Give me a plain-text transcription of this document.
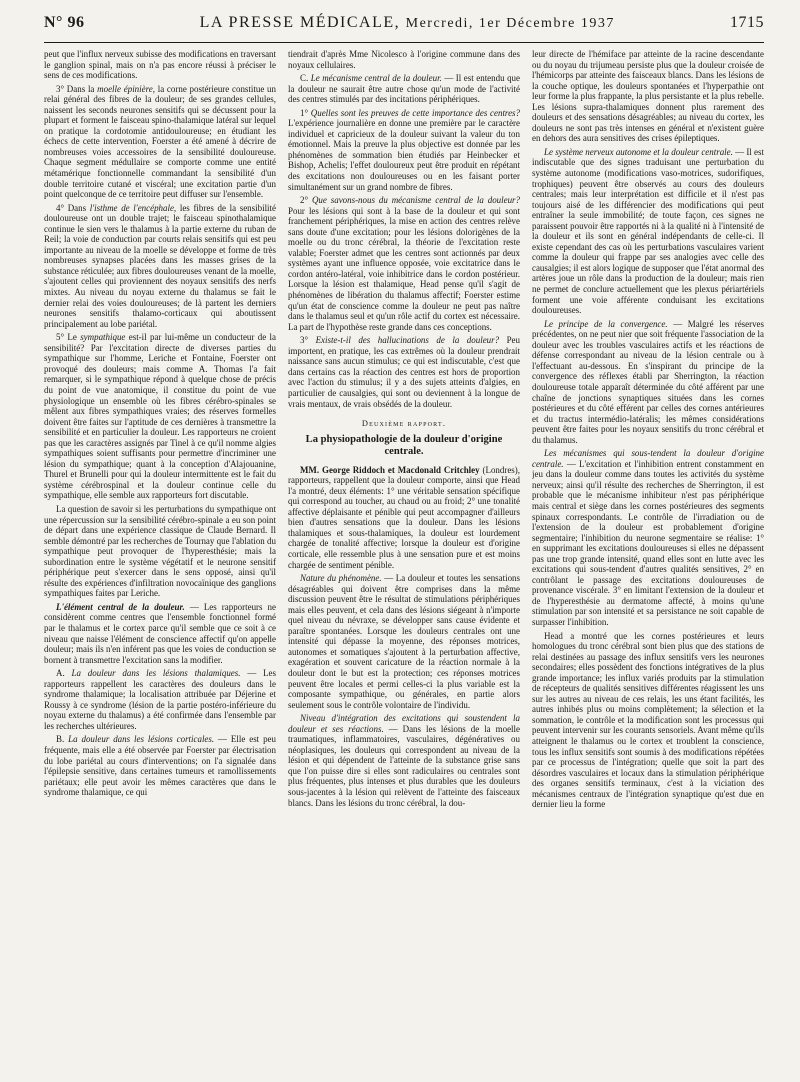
N° 96	LA PRESSE MÉDICALE, Mercredi, 1er Décembre 1937	1715

peut que l'influx nerveux subisse des modifications en traversant le ganglion spinal, mais on n'a pas encore réussi à préciser le sens de ces modifications.

3° Dans la moelle épinière, la corne postérieure constitue un relai général des fibres de la douleur; de ses grandes cellules, naissent les seconds neurones sensitifs qui se décussent pour la plupart et forment le faisceau spino-thalamique latéral sur lequel on pratique la cordotomie antidouloureuse; en étudiant les échecs de cette intervention, Foerster a été amené à décrire de nombreuses voies accessoires de la sensibilité douloureuse. Chaque segment médullaire se comporte comme une entité métamérique fonctionnelle commandant la sensibilité d'un double territoire cutané et viscéral; une excitation partie d'un point quelconque de ce territoire peut diffuser sur l'ensemble.

4° Dans l'isthme de l'encéphale, les fibres de la sensibilité douloureuse ont un double trajet; le faisceau spinothalamique continue le sien vers le thalamus à la partie externe du ruban de Reil; la voie de conduction par courts relais sensitifs qui est peu importante au niveau de la moelle se développe et forme de très nombreuses synapses placées dans les masses grises de la substance réticulée; aux fibres douloureuses venant de la moelle, s'ajoutent celles qui proviennent des noyaux sensitifs des nerfs mixtes. Au niveau du noyau externe du thalamus se fait le dernier relai des voies douloureuses; de là partent les derniers neurones sensitifs thalamo-corticaux qui aboutissent principalement au lobe pariétal.

5° Le sympathique est-il par lui-même un conducteur de la sensibilité? Par l'excitation directe de diverses parties du sympathique sur l'homme, Leriche et Fontaine, Foerster ont provoqué des douleurs; mais comme A. Thomas l'a fait remarquer, si le sympathique répond à quelque chose de précis du point de vue anatomique, il constitue du point de vue physiologique un ensemble où les fibres cérébro-spinales se mêlent aux fibres sympathiques vraies; des réserves formelles doivent être faites sur l'aptitude de ces dernières à transmettre la sensibilité et en particulier la douleur. Les rapporteurs ne croient pas que les caractères assignés par Tinel à ce qu'il nomme algies sympathiques soient suffisants pour permettre d'incriminer une lésion du sympathique; quant à la conception d'Alajouanine, Thurel et Brunelli pour qui la douleur intermittente est le fait du système cérébrospinal et la douleur continue celle du sympathique, elle semble aux rapporteurs fort discutable.

La question de savoir si les perturbations du sympathique ont une répercussion sur la sensibilité cérébro-spinale a eu son point de départ dans une expérience classique de Claude Bernard. Il semble démontré par les recherches de Tournay que l'ablation du sympathique peut provoquer de l'hyperesthésie; mais la subordination entre le système végétatif et le neurone sensitif périphérique peut s'exercer dans le sens opposé, ainsi qu'il résulte des expériences d'infiltration novocaïnique des ganglions sympathiques faites par Leriche.

L'élément central de la douleur. — Les rapporteurs ne considèrent comme centres que l'ensemble fonctionnel formé par le thalamus et le cortex parce qu'il semble que ce soit à ce niveau que naisse l'élément de conscience affectif qu'on appelle douleur; mais ils n'en inférent pas que les voies de conduction se bornent à transmettre l'excitation sans la modifier.

A. La douleur dans les lésions thalamiques. — Les rapporteurs rappellent les caractères des douleurs dans le syndrome thalamique; la localisation attribuée par Déjerine et Roussy à ce syndrome (lésion de la partie postéro-inférieure du noyau externe du thalamus) a été confirmée dans l'ensemble par les recherches ultérieures.

B. La douleur dans les lésions corticales. — Elle est peu fréquente, mais elle a été observée par Foerster par électrisation du lobe pariétal au cours d'interventions; on l'a signalée dans l'épilepsie sensitive, dans certaines tumeurs et ramollissements pariétaux; elle peut avoir les mêmes caractères que dans le syndrome thalamique, ce qui

tiendrait d'après Mme Nicolesco à l'origine commune dans des noyaux cellulaires.

C. Le mécanisme central de la douleur. — Il est entendu que la douleur ne saurait être autre chose qu'un mode de l'activité des centres stimulés par des incitations périphériques.

1° Quelles sont les preuves de cette importance des centres? L'expérience journalière en donne une première par le caractère individuel et capricieux de la douleur suivant la valeur du ton émotionnel. Mais la preuve la plus objective est donnée par les phénomènes de sommation bien étudiés par Heinbecker et Bishop, Achelis; l'effet douloureux peut être produit en répétant des excitations non douloureuses ou en les faisant porter simultanément sur un grand nombre de fibres.

2° Que savons-nous du mécanisme central de la douleur? Pour les lésions qui sont à la base de la douleur et qui sont franchement périphériques, la mise en action des centres relève sans doute d'une excitation; pour les lésions dolorigènes de la moelle ou du tronc cérébral, la théorie de l'excitation reste valable; Foerster admet que les centres sont actionnés par deux systèmes ayant une influence opposée, voie excitatrice dans le cordon antéro-latéral, voie inhibitrice dans le cordon postérieur. Lorsque la lésion est thalamique, Head pense qu'il s'agit de phénomènes de libération du thalamus affectif; Foerster estime qu'un état de conscience comme la douleur ne peut pas naître dans le thalamus seul et qu'un rôle actif du cortex est nécessaire. La part de l'hypothèse reste grande dans ces conceptions.

3° Existe-t-il des hallucinations de la douleur? Peu importent, en pratique, les cas extrêmes où la douleur prendrait naissance sans aucun stimulus; ce qui est indiscutable, c'est que dans certains cas la réaction des centres est hors de proportion avec l'action du stimulus; il y a des sujets atteints d'algies, en particulier de causalgies, qui sont ou deviennent à la longue de vrais mentaux, de vrais obsédés de la douleur.

Deuxième rapport.
La physiopathologie de la douleur d'origine centrale.

MM. George Riddoch et Macdonald Critchley (Londres), rapporteurs, rappellent que la douleur comporte, ainsi que Head l'a montré, deux éléments: 1° une véritable sensation spécifique qui correspond au toucher, au chaud ou au froid; 2° une tonalité affective déplaisante et pénible qui peut accompagner d'ailleurs bien d'autres sensations que la douleur. Dans les lésions thalamiques et sous-thalamiques, la douleur est lourdement chargée de tonalité affective; lorsque la douleur est d'origine corticale, elle ressemble plus à une sensation pure et est moins chargée de sentiment pénible.

Nature du phénomène. — La douleur et toutes les sensations désagréables qui doivent être comprises dans la même discussion peuvent être le résultat de stimulations périphériques mais elles peuvent, et cela dans des lésions siégeant à n'importe quel niveau du névraxe, se développer sans cause évidente et paraître spontanées. Lorsque les douleurs centrales ont une intensité qui dépasse la moyenne, des réponses motrices, autonomes et somatiques s'ajoutent à la perturbation affective, exagération et souvent caricature de la réaction normale à la douleur dont le but est la protection; ces réponses motrices peuvent être locales et permi celles-ci la plus variable est la composante sympathique, ou générales, en partie alors seulement sous le contrôle volontaire de l'individu.

Niveau d'intégration des excitations qui soustendent la douleur et ses réactions. — Dans les lésions de la moelle traumatiques, inflammatoires, vasculaires, dégénératives ou néoplasiques, les douleurs qui correspondent au niveau de la lésion et qui dépendent de l'atteinte de la substance grise sans que l'on puisse dire si elles sont radiculaires ou centrales sont plus fréquentes, plus intenses et plus durables que les douleurs sous-jacentes à la lésion qui relèvent de l'atteinte des faisceaux blancs. Dans les lésions du tronc cérébral, la dou-

leur directe de l'hémiface par atteinte de la racine descendante ou du noyau du trijumeau persiste plus que la douleur croisée de l'hémicorps par atteinte des faisceaux blancs. Dans les lésions de la couche optique, les douleurs spontanées et l'hyperpathie ont leur forme la plus frappante, la plus persistante et la plus rebelle. Les lésions supra-thalamiques donnent plus rarement des douleurs et des sensations désagréables; au niveau du cortex, les douleurs ne sont pas très intenses en général et n'existent guère en dehors des aura sensitives des crises épileptiques.

Le système nerveux autonome et la douleur centrale. — Il est indiscutable que des signes traduisant une perturbation du système autonome (modifications vaso-motrices, sudorifiques, trophiques) peuvent être observés au cours des douleurs centrales; mais leur interprétation est difficile et il n'est pas toujours aisé de les différencier des modifications qui peut entraîner la seule immobilité; de toute façon, ces signes ne paraissent pouvoir être rapportés ni à la qualité ni à l'intensité de la douleur et ils sont en général indépendants de celle-ci. Il existe cependant des cas où les perturbations vasculaires varient comme la douleur qui frappe par ses analogies avec celle des causalgies; il est alors logique de supposer que l'état anormal des artères joue un rôle dans la production de la douleur; mais rien ne permet de conclure actuellement que les plexus périartériels forment une voie afférente conduisant les excitations douloureuses.

Le principe de la convergence. — Malgré les réserves précédentes, on ne peut nier que soit fréquente l'association de la douleur avec les troubles vasculaires actifs et les réactions de défense correspondant au niveau de la lésion centrale ou à l'effectuant au-dessous. En s'inspirant du principe de la convergence des réflexes établi par Sherrington, la réaction douloureuse totale apparaît déterminée du côté afférent par une chaîne de jonctions synaptiques situées dans les cornes postérieures et du côté efférent par celles des cornes antérieures et du tractus intermédio-latéralis; les mêmes considérations peuvent être faites pour les noyaux sensitifs du tronc cérébral et du thalamus.

Les mécanismes qui sous-tendent la douleur d'origine centrale. — L'excitation et l'inhibition entrent constamment en jeu dans la douleur comme dans toutes les activités du système nerveux; ainsi qu'il résulte des recherches de Sherrington, il est probable que le mécanisme inhibiteur n'est pas périphérique mais central et siège dans les cornes postérieures des segments spinaux correspondants. Le contrôle de l'irradiation ou de l'extension de la douleur est probablement d'origine segmentaire; l'inhibition du neurone segmentaire se réalise: 1° en supprimant les excitations douloureuses si elles ne dépassent pas une trop grande intensité, quand elles sont en lutte avec les excitations qui sous-tendent d'autres qualités sensitives, 2° en contrôlant le passage des excitations douloureuses de provenance viscérale. 3° en limitant l'extension de la douleur et de l'hyperesthésie au dermatome affecté, à moins qu'une stimulation par son intensité et sa persistance ne soit capable de surpasser l'inhibition.

Head a montré que les cornes postérieures et leurs homologues du tronc cérébral sont bien plus que des stations de relai destinées au passage des influx sensitifs vers les neurones secondaires; elles possèdent des fonctions intégratives de la plus grande importance; les influx variés produits par la stimulation de récepteurs de qualités sensitives différentes réagissent les uns sur les autres au niveau de ces relais, les uns étant facilités, les autres inhibés plus ou moins complètement; la sélection et la sommation, le contrôle et la modification sont les processus qui peuvent intervenir sur les courants sensoriels. Avant même qu'ils atteignent le thalamus ou le cortex et troublent la conscience, tous les influx sensitifs sont soumis à des modifications répétées par ce processus de l'intégration; quelle que soit la part des désordres vasculaires et locaux dans la stimulation périphérique des organes sensitifs terminaux, c'est à la viciation des mécanismes centraux de l'intégration synaptique qu'est due en dernier lieu la forme
